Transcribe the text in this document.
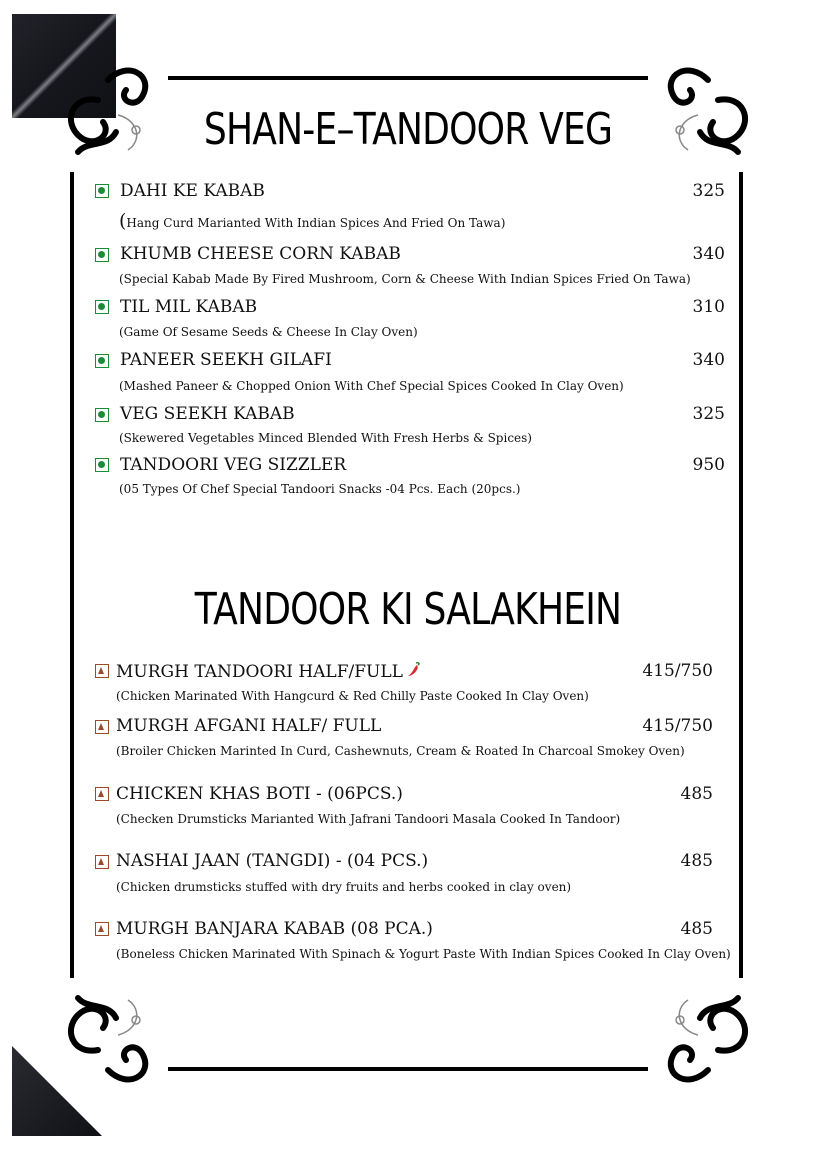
SHAN-E–TANDOOR VEG
DAHI KE KABAB	325
(Hang Curd Marianted With Indian Spices And Fried On Tawa)
KHUMB CHEESE CORN KABAB	340
(Special Kabab Made By Fired Mushroom, Corn & Cheese With Indian Spices Fried On Tawa)
TIL MIL KABAB	310
(Game Of Sesame Seeds & Cheese In Clay Oven)
PANEER SEEKH GILAFI	340
(Mashed Paneer & Chopped Onion With Chef Special Spices Cooked In Clay Oven)
VEG SEEKH KABAB	325
(Skewered Vegetables Minced Blended With Fresh Herbs & Spices)
TANDOORI VEG SIZZLER	950
(05 Types Of Chef Special Tandoori Snacks -04 Pcs. Each (20pcs.)
TANDOOR KI SALAKHEIN
MURGH TANDOORI HALF/FULL	415/750
(Chicken Marinated With Hangcurd & Red Chilly Paste Cooked In Clay Oven)
MURGH AFGANI HALF/ FULL	415/750
(Broiler Chicken Marinted In Curd, Cashewnuts, Cream & Roated In Charcoal Smokey Oven)
CHICKEN KHAS BOTI - (06PCS.)	485
(Checken Drumsticks Marianted With Jafrani Tandoori Masala Cooked In Tandoor)
NASHAI JAAN (TANGDI) - (04 PCS.)	485
(Chicken drumsticks stuffed with dry fruits and herbs cooked in clay oven)
MURGH BANJARA KABAB (08 PCA.)	485
(Boneless Chicken Marinated With Spinach & Yogurt Paste With Indian Spices Cooked In Clay Oven)
